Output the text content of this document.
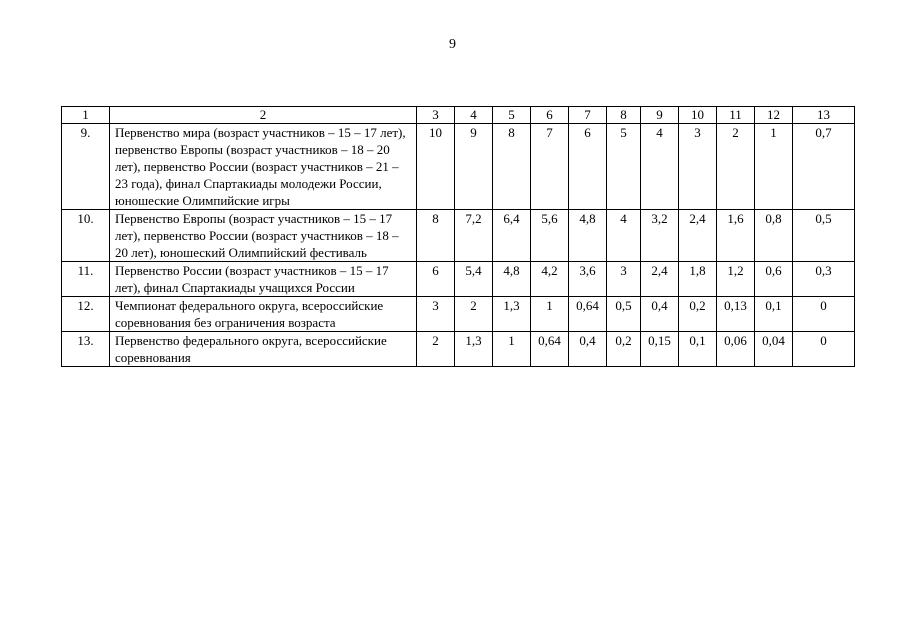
9
1	2	3	4	5	6	7	8	9	10	11	12	13
9.	Первенство мира (возраст участников – 15 – 17 лет), первенство Европы (возраст участников – 18 – 20 лет), первенство России (возраст участников – 21 – 23 года), финал Спартакиады молодежи России, юношеские Олимпийские игры	10	9	8	7	6	5	4	3	2	1	0,7
10.	Первенство Европы (возраст участников – 15 – 17 лет), первенство России (возраст участников – 18 – 20 лет), юношеский Олимпийский фестиваль	8	7,2	6,4	5,6	4,8	4	3,2	2,4	1,6	0,8	0,5
11.	Первенство России (возраст участников – 15 – 17 лет), финал Спартакиады учащихся России	6	5,4	4,8	4,2	3,6	3	2,4	1,8	1,2	0,6	0,3
12.	Чемпионат федерального округа, всероссийские соревнования без ограничения возраста	3	2	1,3	1	0,64	0,5	0,4	0,2	0,13	0,1	0
13.	Первенство федерального округа, всероссийские соревнования	2	1,3	1	0,64	0,4	0,2	0,15	0,1	0,06	0,04	0
